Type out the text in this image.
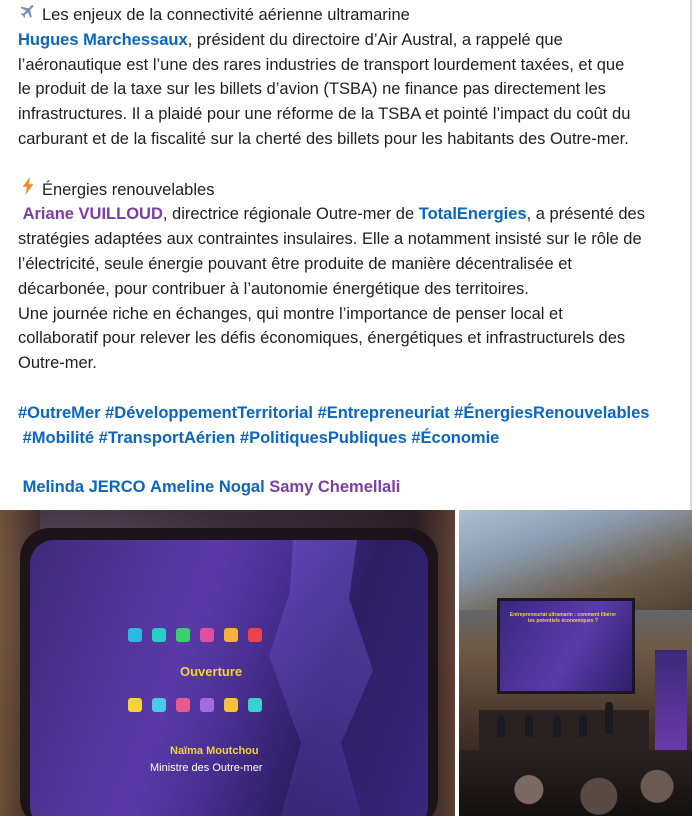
Les enjeux de la connectivité aérienne ultramarine
Hugues Marchessaux, président du directoire d’Air Austral, a rappelé que
l’aéronautique est l’une des rares industries de transport lourdement taxées, et que
le produit de la taxe sur les billets d’avion (TSBA) ne finance pas directement les
infrastructures. Il a plaidé pour une réforme de la TSBA et pointé l’impact du coût du
carburant et de la fiscalité sur la cherté des billets pour les habitants des Outre-mer.
Énergies renouvelables
Ariane VUILLOUD, directrice régionale Outre-mer de TotalEnergies, a présenté des
stratégies adaptées aux contraintes insulaires. Elle a notamment insisté sur le rôle de
l’électricité, seule énergie pouvant être produite de manière décentralisée et
décarbonée, pour contribuer à l’autonomie énergétique des territoires.
Une journée riche en échanges, qui montre l’importance de penser local et
collaboratif pour relever les défis économiques, énergétiques et infrastructurels des
Outre-mer.
#OutreMer #DéveloppementTerritorial #Entrepreneuriat #ÉnergiesRenouvelables
#Mobilité #TransportAérien #PolitiquesPubliques #Économie
Melinda JERCO Ameline Nogal Samy Chemellali
Ouverture
Naïma Moutchou
Ministre des Outre-mer
Entrepreneuriat ultramarin : comment libérer les potentiels économiques ?
